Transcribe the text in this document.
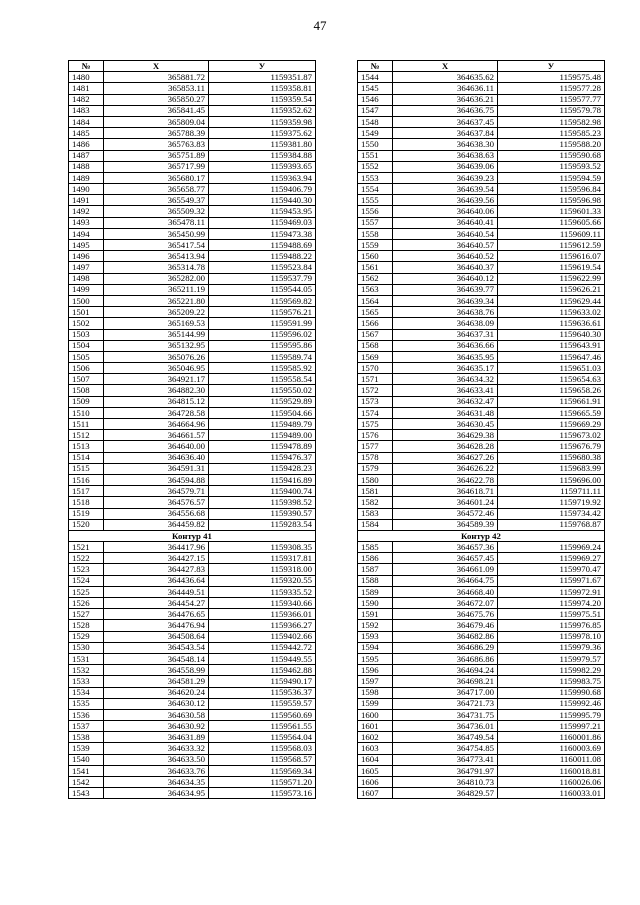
47
№	X	У
1480	365881.72	1159351.87
1481	365853.11	1159358.81
1482	365850.27	1159359.54
1483	365841.45	1159352.62
1484	365809.04	1159359.98
1485	365788.39	1159375.62
1486	365763.83	1159381.80
1487	365751.89	1159384.88
1488	365717.99	1159393.65
1489	365680.17	1159363.94
1490	365658.77	1159406.79
1491	365549.37	1159440.30
1492	365509.32	1159453.95
1493	365478.11	1159469.03
1494	365450.99	1159473.38
1495	365417.54	1159488.69
1496	365413.94	1159488.22
1497	365314.78	1159523.84
1498	365282.00	1159537.79
1499	365211.19	1159544.05
1500	365221.80	1159569.82
1501	365209.22	1159576.21
1502	365169.53	1159591.99
1503	365144.99	1159596.02
1504	365132.95	1159595.86
1505	365076.26	1159589.74
1506	365046.95	1159585.92
1507	364921.17	1159558.54
1508	364882.30	1159550.02
1509	364815.12	1159529.89
1510	364728.58	1159504.66
1511	364664.96	1159489.79
1512	364661.57	1159489.00
1513	364640.00	1159478.89
1514	364636.40	1159476.37
1515	364591.31	1159428.23
1516	364594.88	1159416.89
1517	364579.71	1159400.74
1518	364576.57	1159398.52
1519	364556.68	1159390.57
1520	364459.82	1159283.54
Контур 41		
1521	364417.96	1159308.35
1522	364427.15	1159317.81
1523	364427.83	1159318.00
1524	364436.64	1159320.55
1525	364449.51	1159335.52
1526	364454.27	1159340.66
1527	364476.65	1159366.01
1528	364476.94	1159366.27
1529	364508.64	1159402.66
1530	364543.54	1159442.72
1531	364548.14	1159449.55
1532	364558.99	1159462.88
1533	364581.29	1159490.17
1534	364620.24	1159536.37
1535	364630.12	1159559.57
1536	364630.58	1159560.69
1537	364630.92	1159561.55
1538	364631.89	1159564.04
1539	364633.32	1159568.03
1540	364633.50	1159568.57
1541	364633.76	1159569.34
1542	364634.35	1159571.20
1543	364634.95	1159573.16
№	X	У
1544	364635.62	1159575.48
1545	364636.11	1159577.28
1546	364636.21	1159577.77
1547	364636.75	1159579.78
1548	364637.45	1159582.98
1549	364637.84	1159585.23
1550	364638.30	1159588.20
1551	364638.63	1159590.68
1552	364639.06	1159593.52
1553	364639.23	1159594.59
1554	364639.54	1159596.84
1555	364639.56	1159596.98
1556	364640.06	1159601.33
1557	364640.41	1159605.66
1558	364640.54	1159609.11
1559	364640.57	1159612.59
1560	364640.52	1159616.07
1561	364640.37	1159619.54
1562	364640.12	1159622.99
1563	364639.77	1159626.21
1564	364639.34	1159629.44
1565	364638.76	1159633.02
1566	364638.09	1159636.61
1567	364637.31	1159640.30
1568	364636.66	1159643.91
1569	364635.95	1159647.46
1570	364635.17	1159651.03
1571	364634.32	1159654.63
1572	364633.41	1159658.26
1573	364632.47	1159661.91
1574	364631.48	1159665.59
1575	364630.45	1159669.29
1576	364629.38	1159673.02
1577	364628.28	1159676.79
1578	364627.26	1159680.38
1579	364626.22	1159683.99
1580	364622.78	1159696.00
1581	364618.71	1159711.11
1582	364601.24	1159719.92
1583	364572.46	1159734.42
1584	364589.39	1159768.87
Контур 42		
1585	364657.36	1159969.24
1586	364657.45	1159969.27
1587	364661.09	1159970.47
1588	364664.75	1159971.67
1589	364668.40	1159972.91
1590	364672.07	1159974.20
1591	364675.76	1159975.51
1592	364679.46	1159976.85
1593	364682.86	1159978.10
1594	364686.29	1159979.36
1595	364686.86	1159979.57
1596	364694.24	1159982.29
1597	364698.21	1159983.75
1598	364717.00	1159990.68
1599	364721.73	1159992.46
1600	364731.75	1159995.79
1601	364736.01	1159997.21
1602	364749.54	1160001.86
1603	364754.85	1160003.69
1604	364773.41	1160011.08
1605	364791.97	1160018.81
1606	364810.73	1160026.06
1607	364829.57	1160033.01
